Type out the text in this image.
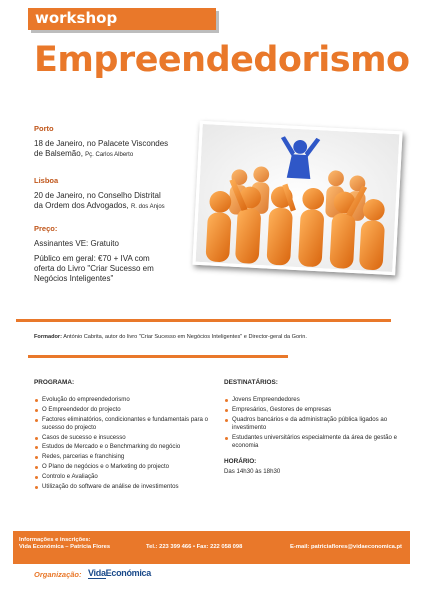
workshop
Empreendedorismo
Porto
18 de Janeiro, no Palacete Viscondes
de Balsemão, Pç. Carlos Alberto
Lisboa
20 de Janeiro, no Conselho Distrital
da Ordem dos Advogados, R. dos Anjos
Preço:
Assinantes VE: Gratuito
Público em geral: €70 + IVA com
oferta do Livro "Criar Sucesso em
Negócios Inteligentes"
Formador: António Cabrita, autor do livro "Criar Sucesso em Negócios Inteligentes" e Director-geral da Gorin.
PROGRAMA:
Evolução do empreendedorismo
O Empreendedor do projecto
Factores eliminatórios, condicionantes e fundamentais para o sucesso do projecto
Casos de sucesso e insucesso
Estudos de Mercado e o Benchmarking do negócio
Redes, parcerias e franchising
O Plano de negócios e o Marketing do projecto
Controlo e Avaliação
Utilização do software de análise de investimentos
DESTINATÁRIOS:
Jovens Empreendedores
Empresários, Gestores de empresas
Quadros bancários e da administração pública ligados ao investimento
Estudantes universitários especialmente da área de gestão e economia
HORÁRIO:
Das 14h30 às 18h30
Informações e inscrições:
Vida Económica – Patrícia Flores	Tel.: 223 399 466 • Fax: 222 058 098	E-mail: patriciaflores@vidaeconomica.pt
Organização: VidaEconómica
